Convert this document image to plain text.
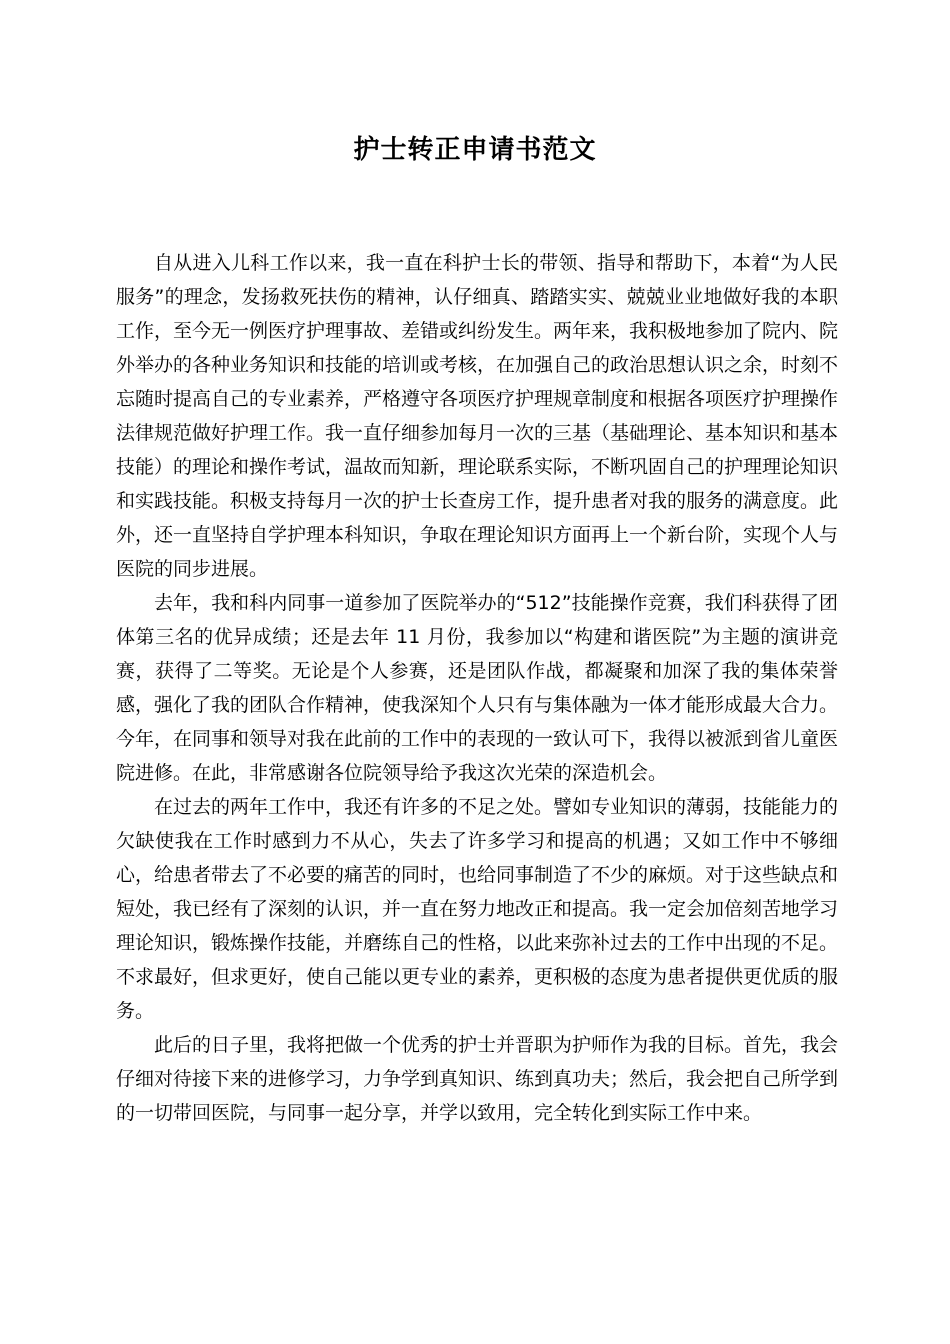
护士转正申请书范文

自从进入儿科工作以来，我一直在科护士长的带领、指导和帮助下，本着“为人民服务”的理念，发扬救死扶伤的精神，认仔细真、踏踏实实、兢兢业业地做好我的本职工作，至今无一例医疗护理事故、差错或纠纷发生。两年来，我积极地参加了院内、院外举办的各种业务知识和技能的培训或考核，在加强自己的政治思想认识之余，时刻不忘随时提高自己的专业素养，严格遵守各项医疗护理规章制度和根据各项医疗护理操作法律规范做好护理工作。我一直仔细参加每月一次的三基（基础理论、基本知识和基本技能）的理论和操作考试，温故而知新，理论联系实际，不断巩固自己的护理理论知识和实践技能。积极支持每月一次的护士长查房工作，提升患者对我的服务的满意度。此外，还一直坚持自学护理本科知识，争取在理论知识方面再上一个新台阶，实现个人与医院的同步进展。

去年，我和科内同事一道参加了医院举办的“512”技能操作竞赛，我们科获得了团体第三名的优异成绩；还是去年 11 月份，我参加以“构建和谐医院”为主题的演讲竞赛，获得了二等奖。无论是个人参赛，还是团队作战，都凝聚和加深了我的集体荣誉感，强化了我的团队合作精神，使我深知个人只有与集体融为一体才能形成最大合力。今年，在同事和领导对我在此前的工作中的表现的一致认可下，我得以被派到省儿童医院进修。在此，非常感谢各位院领导给予我这次光荣的深造机会。

在过去的两年工作中，我还有许多的不足之处。譬如专业知识的薄弱，技能能力的欠缺使我在工作时感到力不从心，失去了许多学习和提高的机遇；又如工作中不够细心，给患者带去了不必要的痛苦的同时，也给同事制造了不少的麻烦。对于这些缺点和短处，我已经有了深刻的认识，并一直在努力地改正和提高。我一定会加倍刻苦地学习理论知识，锻炼操作技能，并磨练自己的性格，以此来弥补过去的工作中出现的不足。不求最好，但求更好，使自己能以更专业的素养，更积极的态度为患者提供更优质的服务。

此后的日子里，我将把做一个优秀的护士并晋职为护师作为我的目标。首先，我会仔细对待接下来的进修学习，力争学到真知识、练到真功夫；然后，我会把自己所学到的一切带回医院，与同事一起分享，并学以致用，完全转化到实际工作中来。
